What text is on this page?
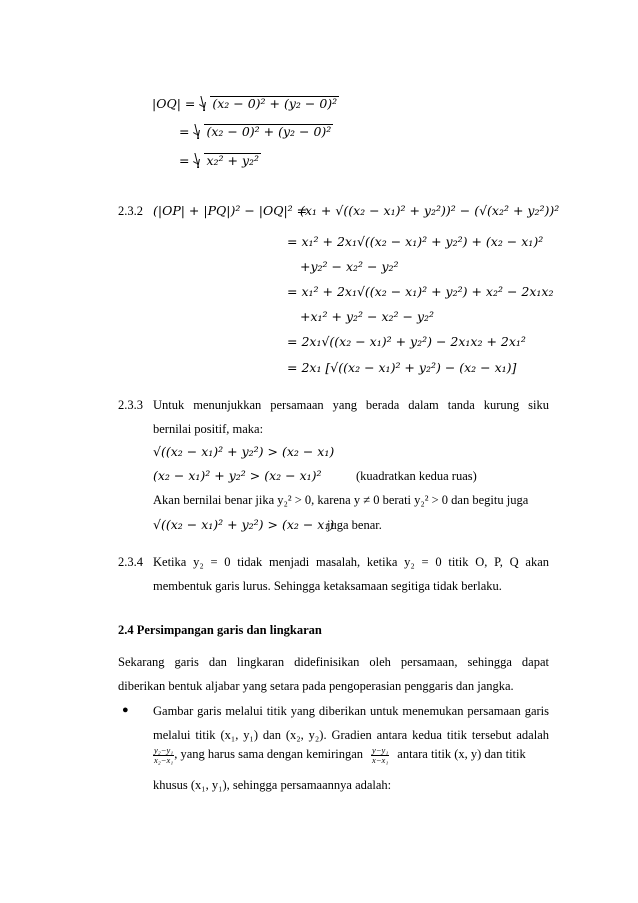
|OQ| = (x₂ − 0)² + (y₂ − 0)²
= (x₂ − 0)² + (y₂ − 0)²
= x₂² + y₂²
2.3.2 (|OP| + |PQ|)² − |OQ|² =
(x₁ + √((x₂ − x₁)² + y₂²))² − (√(x₂² + y₂²))²
= x₁² + 2x₁√((x₂ − x₁)² + y₂²) + (x₂ − x₁)²
+y₂² − x₂² − y₂²
= x₁² + 2x₁√((x₂ − x₁)² + y₂²) + x₂² − 2x₁x₂
+x₁² + y₂² − x₂² − y₂²
= 2x₁√((x₂ − x₁)² + y₂²) − 2x₁x₂ + 2x₁²
= 2x₁ [√((x₂ − x₁)² + y₂²) − (x₂ − x₁)]
2.3.3 Untuk menunjukkan persamaan yang berada dalam tanda kurung siku
bernilai positif, maka:
√((x₂ − x₁)² + y₂²) > (x₂ − x₁)
(x₂ − x₁)² + y₂² > (x₂ − x₁)²	(kuadratkan kedua ruas)
Akan bernilai benar jika y₂² > 0, karena y ≠ 0 berati y₂² > 0 dan begitu juga
√((x₂ − x₁)² + y₂²) > (x₂ − x₁)
juga benar.
2.3.4 Ketika y₂ = 0 tidak menjadi masalah, ketika y₂ = 0 titik O, P, Q akan
membentuk garis lurus. Sehingga ketaksamaan segitiga tidak berlaku.
2.4 Persimpangan garis dan lingkaran
Sekarang garis dan lingkaran didefinisikan oleh persamaan, sehingga dapat
diberikan bentuk aljabar yang setara pada pengoperasian penggaris dan jangka.
● Gambar garis melalui titik yang diberikan untuk menemukan persamaan garis
melalui titik (x₁, y₁) dan (x₂, y₂). Gradien antara kedua titik tersebut adalah
$\frac{\text{y₂−y₁}}{\text{x₂−x₁}}$ , yang harus sama dengan kemiringan $\frac{\text{y−y₁}}{\text{x−x₁}}$ antara titik (x, y) dan titik
khusus (x₁, y₁), sehingga persamaannya adalah:
